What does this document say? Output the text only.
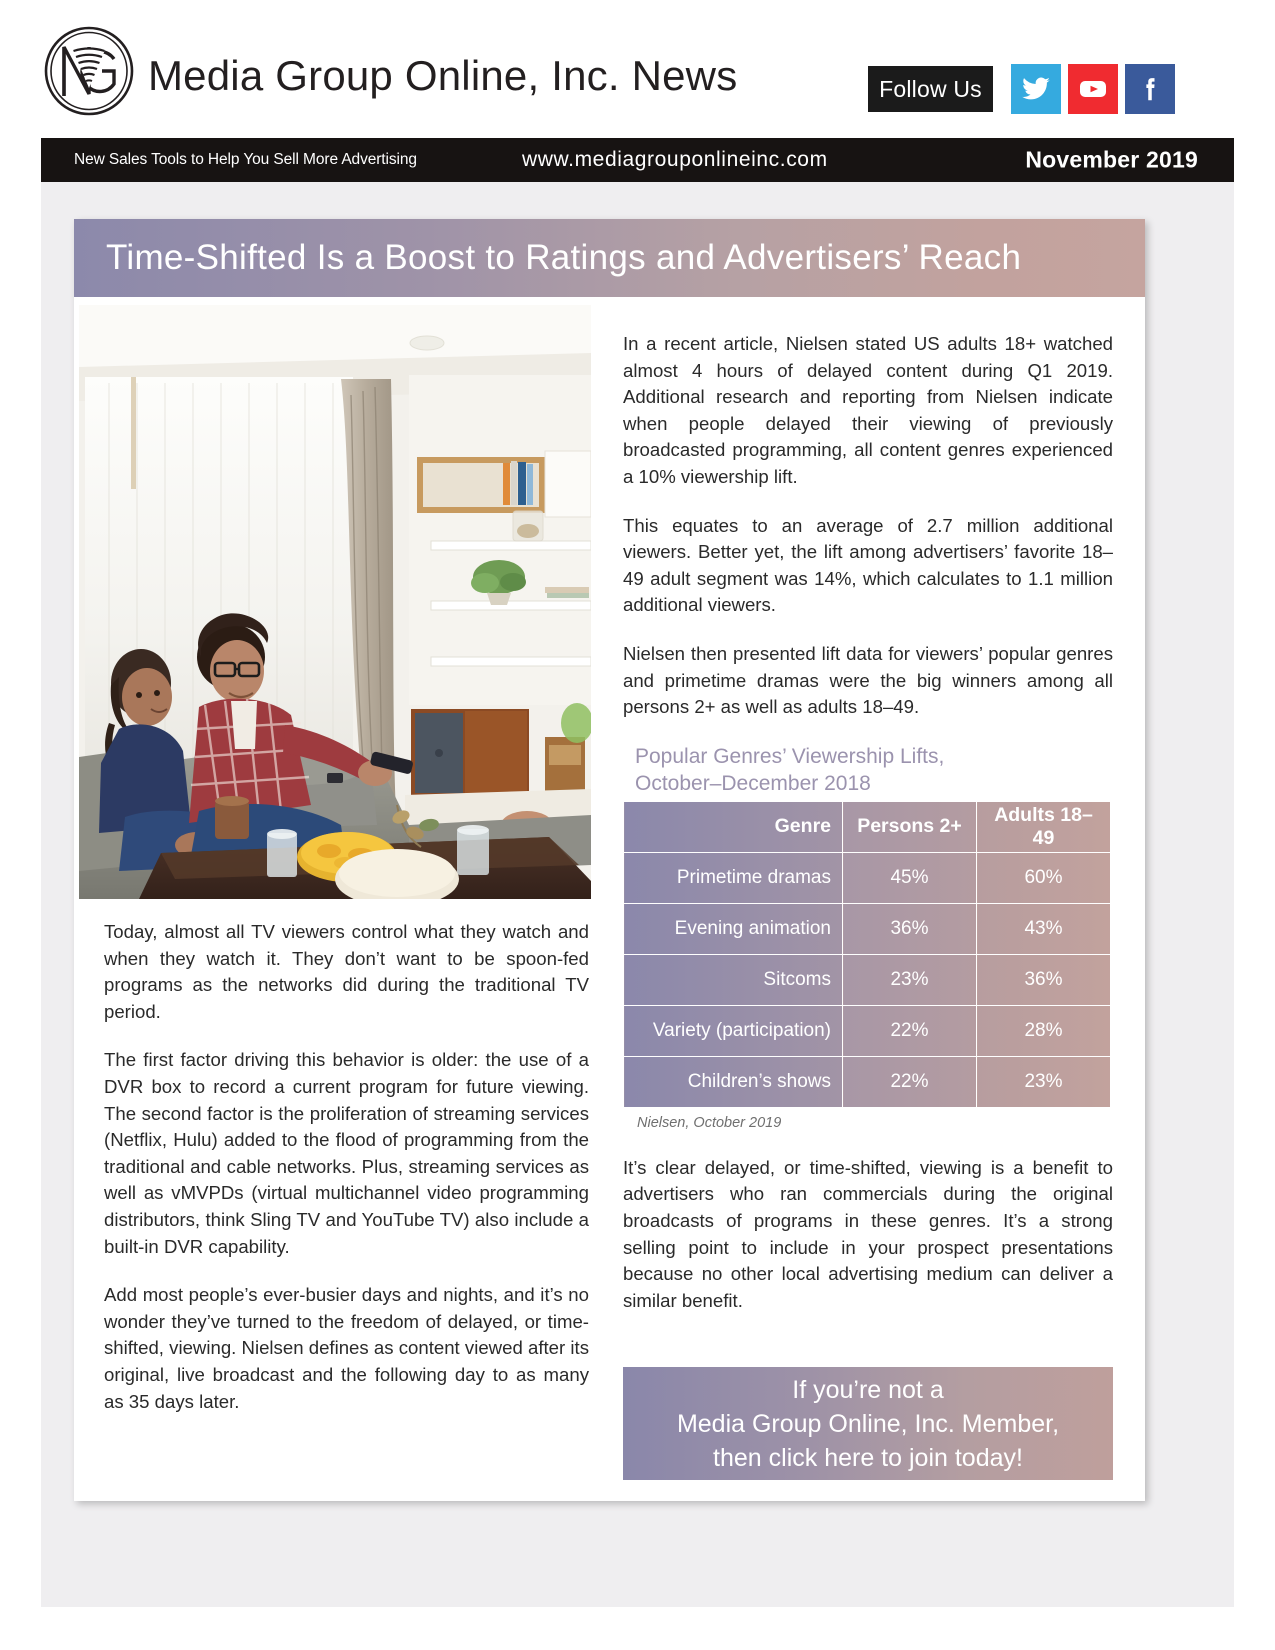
Media Group Online, Inc. News	Follow Us
New Sales Tools to Help You Sell More Advertising	www.mediagrouponlineinc.com	November 2019
Time-Shifted Is a Boost to Ratings and Advertisers’ Reach

Today, almost all TV viewers control what they watch and when they watch it. They don’t want to be spoon-fed programs as the networks did during the traditional TV period.

The first factor driving this behavior is older: the use of a DVR box to record a current program for future viewing. The second factor is the proliferation of streaming services (Netflix, Hulu) added to the flood of programming from the traditional and cable networks. Plus, streaming services as well as vMVPDs (virtual multichannel video programming distributors, think Sling TV and YouTube TV) also include a built-in DVR capability.

Add most people’s ever-busier days and nights, and it’s no wonder they’ve turned to the freedom of delayed, or time-shifted, viewing. Nielsen defines as content viewed after its original, live broadcast and the following day to as many as 35 days later.

In a recent article, Nielsen stated US adults 18+ watched almost 4 hours of delayed content during Q1 2019. Additional research and reporting from Nielsen indicate when people delayed their viewing of previously broadcasted programming, all content genres experienced a 10% viewership lift.

This equates to an average of 2.7 million additional viewers. Better yet, the lift among advertisers’ favorite 18–49 adult segment was 14%, which calculates to 1.1 million additional viewers.

Nielsen then presented lift data for viewers’ popular genres and primetime dramas were the big winners among all persons 2+ as well as adults 18–49.

Popular Genres’ Viewership Lifts,
October–December 2018
Genre	Persons 2+	Adults 18–49
Primetime dramas	45%	60%
Evening animation	36%	43%
Sitcoms	23%	36%
Variety (participation)	22%	28%
Children’s shows	22%	23%
Nielsen, October 2019

It’s clear delayed, or time-shifted, viewing is a benefit to advertisers who ran commercials during the original broadcasts of programs in these genres. It’s a strong selling point to include in your prospect presentations because no other local advertising medium can deliver a similar benefit.

If you’re not a
Media Group Online, Inc. Member,
then click here to join today!
